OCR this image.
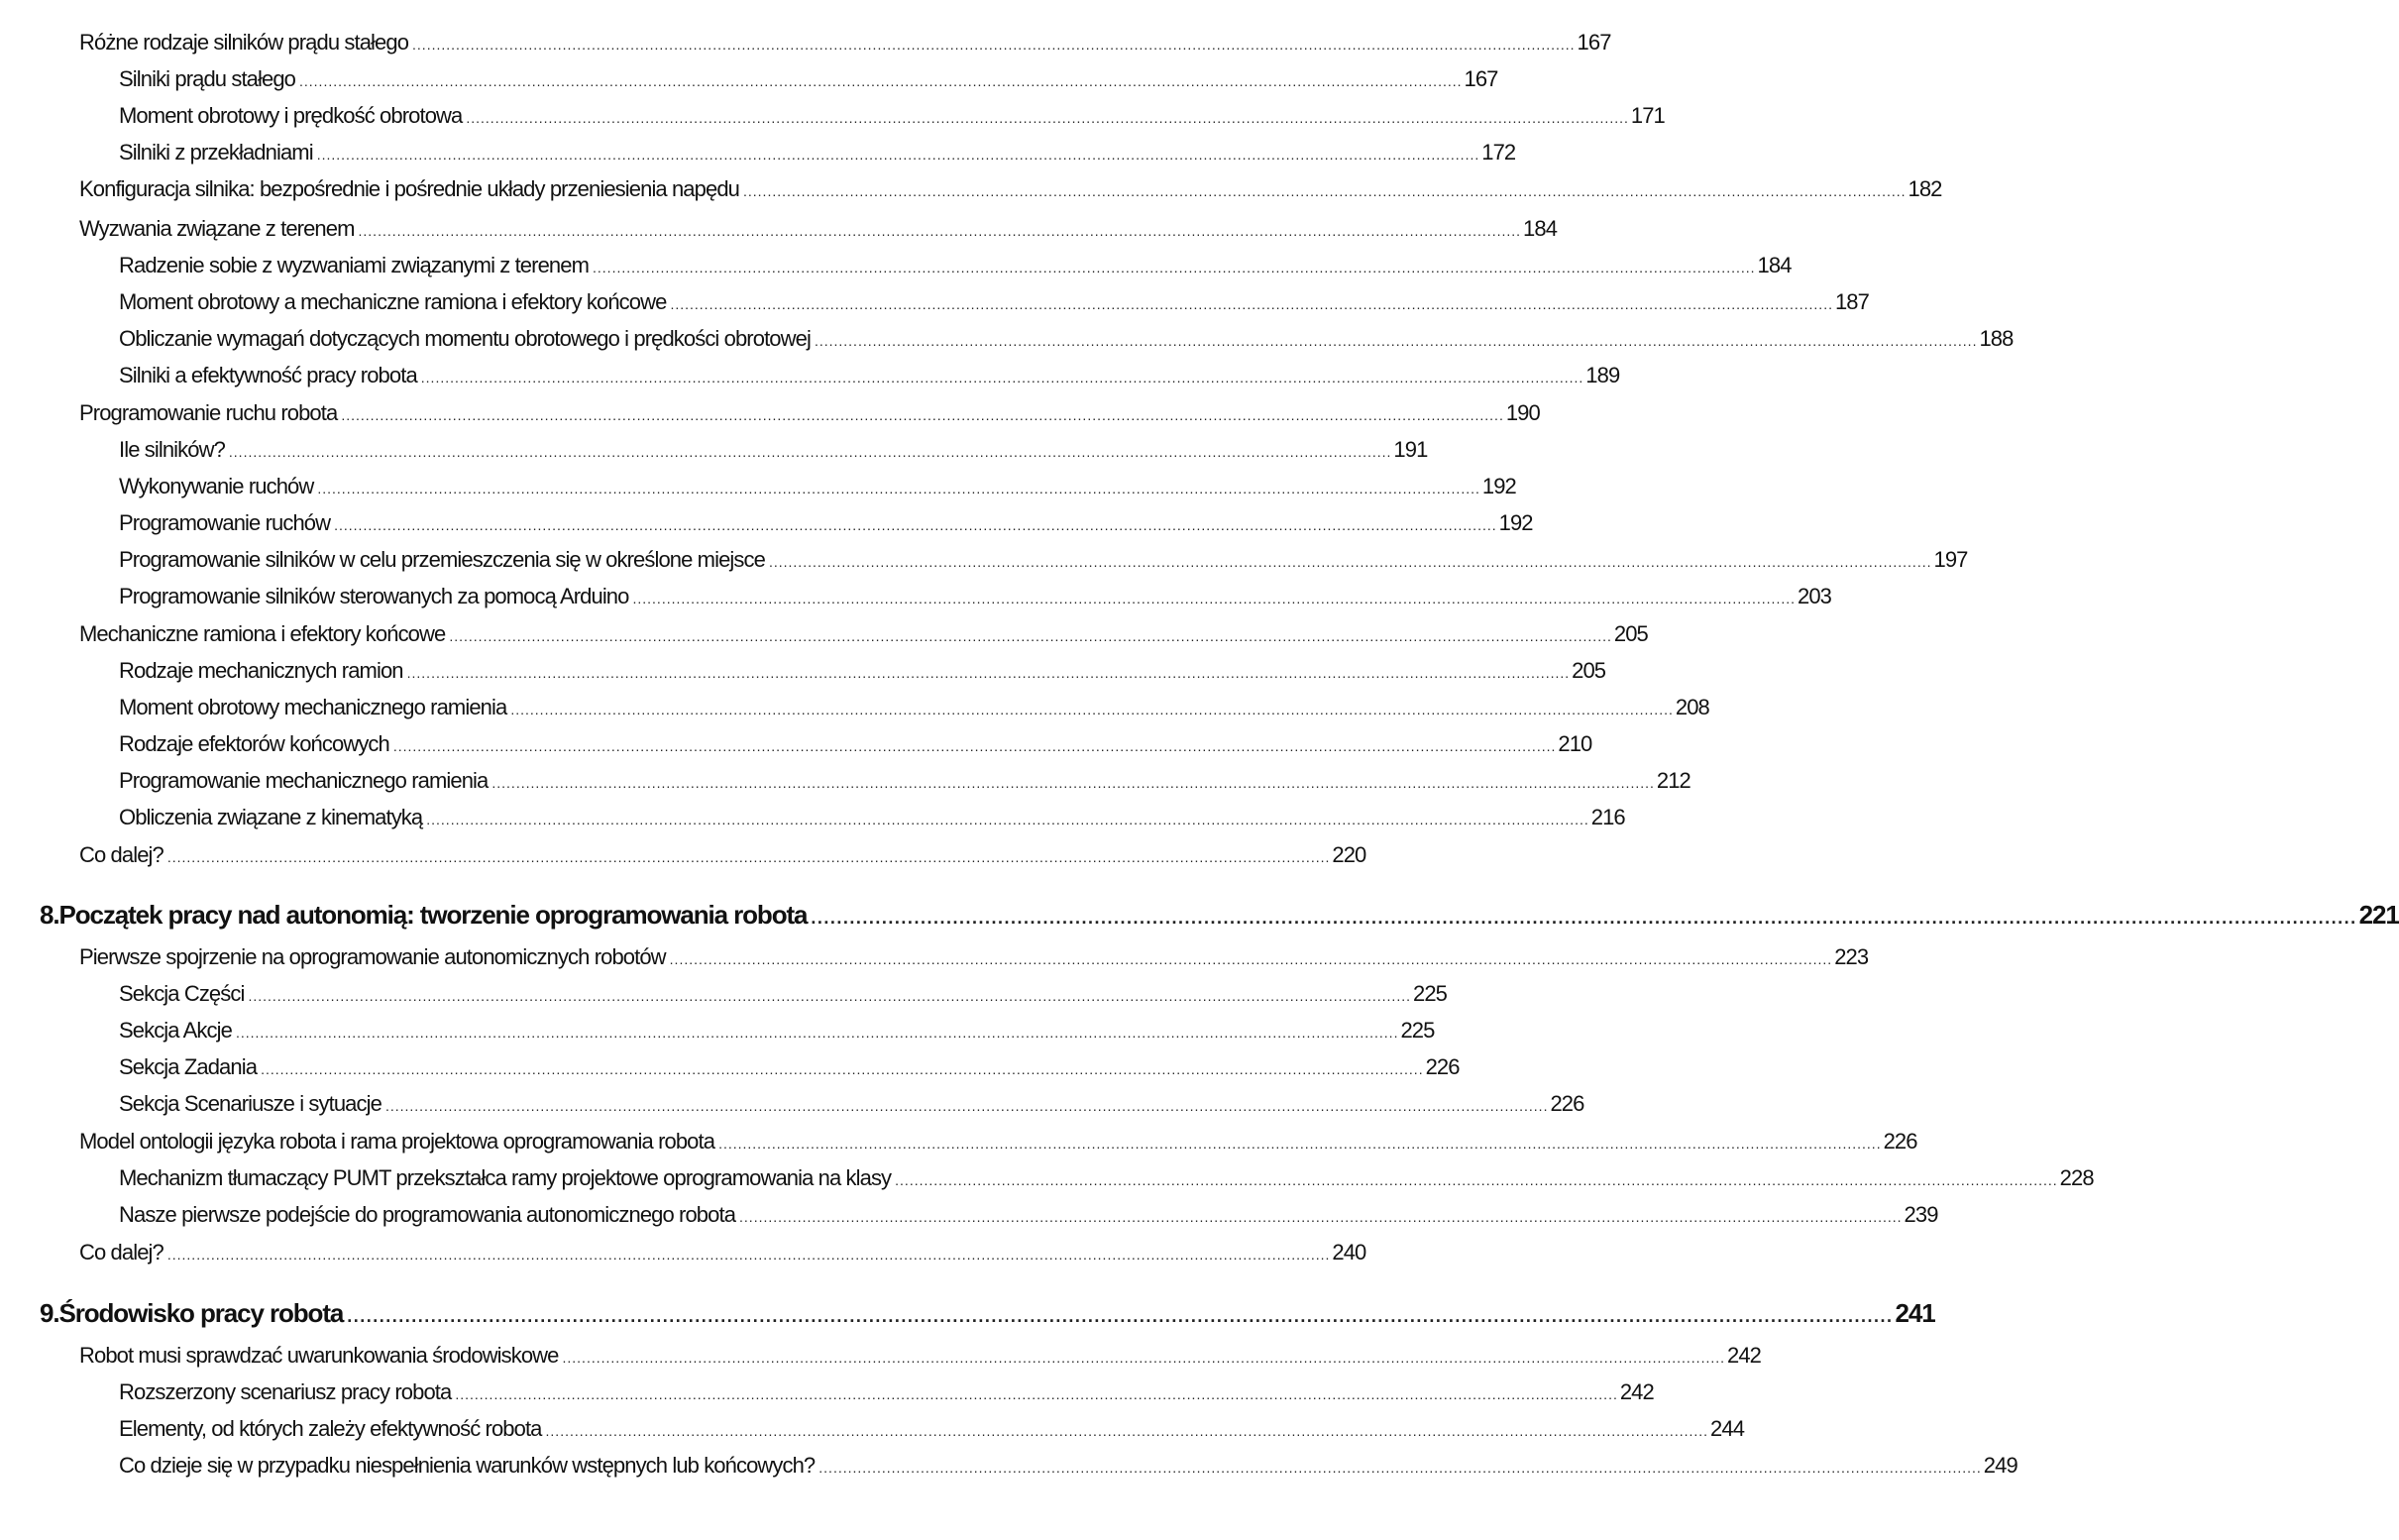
Różne rodzaje silników prądu stałego .....	167
Silniki prądu stałego .....	167
Moment obrotowy i prędkość obrotowa .....	171
Silniki z przekładniami .....	172
Konfiguracja silnika: bezpośrednie i pośrednie układy przeniesienia napędu .....	182
Wyzwania związane z terenem .....	184
Radzenie sobie z wyzwaniami związanymi z terenem .....	184
Moment obrotowy a mechaniczne ramiona i efektory końcowe .....	187
Obliczanie wymagań dotyczących momentu obrotowego i prędkości obrotowej .....	188
Silniki a efektywność pracy robota .....	189
Programowanie ruchu robota .....	190
Ile silników? .....	191
Wykonywanie ruchów .....	192
Programowanie ruchów .....	192
Programowanie silników w celu przemieszczenia się w określone miejsce .....	197
Programowanie silników sterowanych za pomocą Arduino .....	203
Mechaniczne ramiona i efektory końcowe .....	205
Rodzaje mechanicznych ramion .....	205
Moment obrotowy mechanicznego ramienia .....	208
Rodzaje efektorów końcowych .....	210
Programowanie mechanicznego ramienia .....	212
Obliczenia związane z kinematyką .....	216
Co dalej? .....	220
8. Początek pracy nad autonomią: tworzenie oprogramowania robota .....	221
Pierwsze spojrzenie na oprogramowanie autonomicznych robotów .....	223
Sekcja Części .....	225
Sekcja Akcje .....	225
Sekcja Zadania .....	226
Sekcja Scenariusze i sytuacje .....	226
Model ontologii języka robota i rama projektowa oprogramowania robota .....	226
Mechanizm tłumaczący PUMT przekształca ramy projektowe oprogramowania na klasy .....	228
Nasze pierwsze podejście do programowania autonomicznego robota .....	239
Co dalej? .....	240
9. Środowisko pracy robota .....	241
Robot musi sprawdzać uwarunkowania środowiskowe .....	242
Rozszerzony scenariusz pracy robota .....	242
Elementy, od których zależy efektywność robota .....	244
Co dzieje się w przypadku niespełnienia warunków wstępnych lub końcowych? .....	249
